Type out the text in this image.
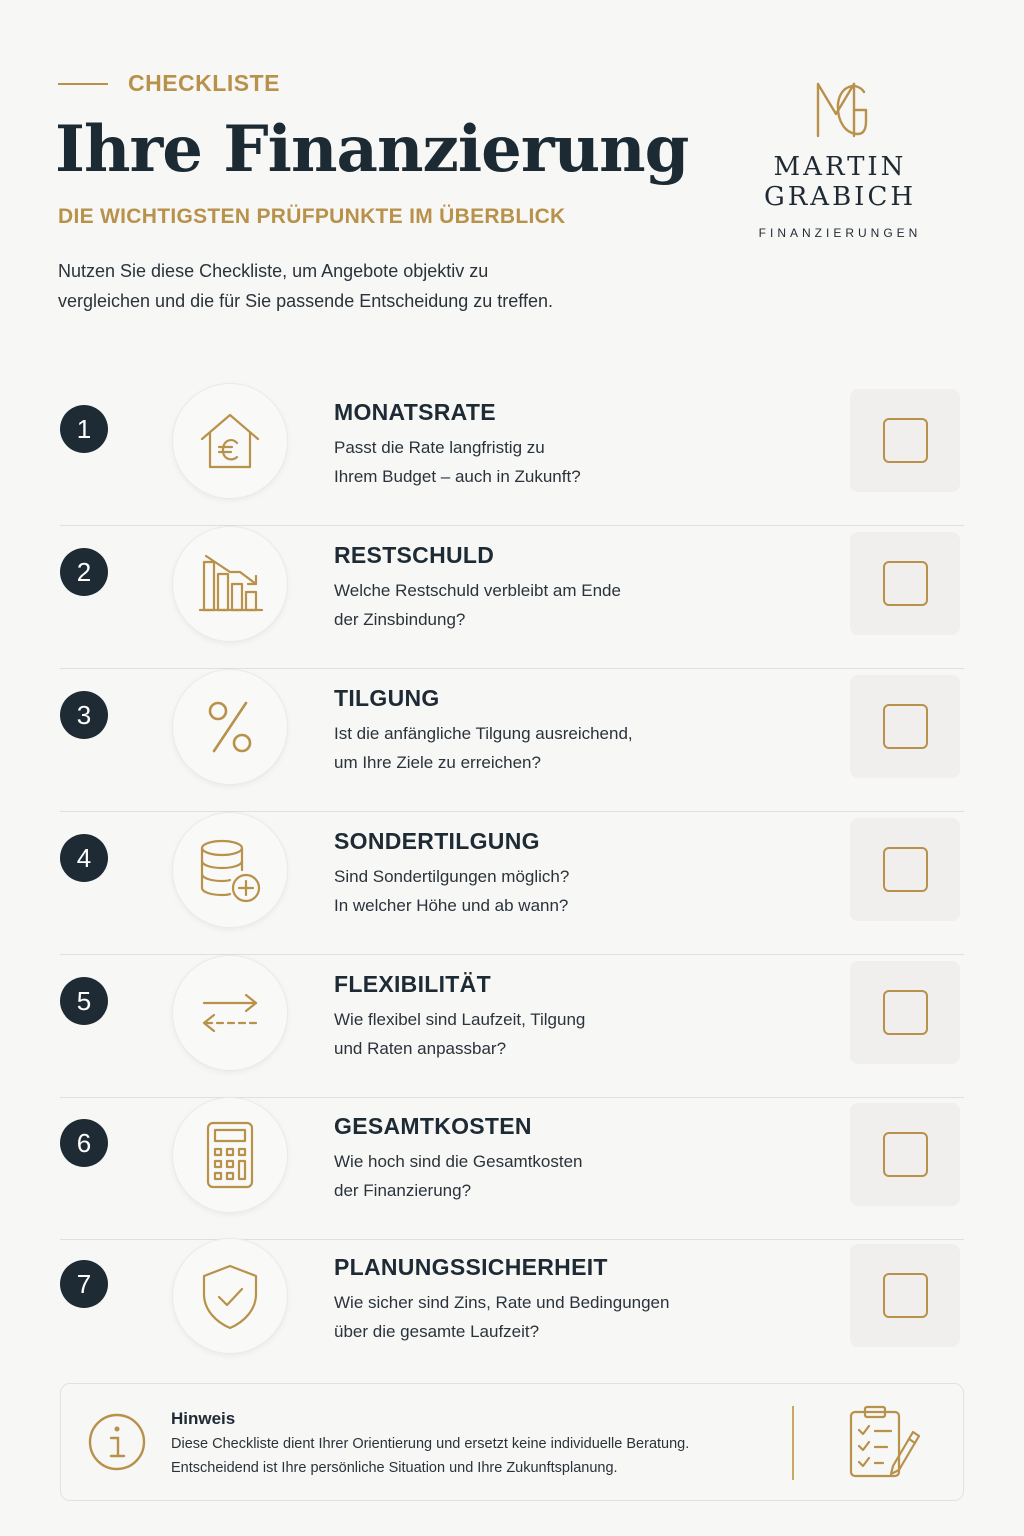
CHECKLISTE
Ihre Finanzierung
DIE WICHTIGSTEN PRÜFPUNKTE IM ÜBERBLICK
Nutzen Sie diese Checkliste, um Angebote objektiv zu vergleichen und die für Sie passende Entscheidung zu treffen.
MARTIN GRABICH
FINANZIERUNGEN
1
MONATSRATE
Passt die Rate langfristig zu
Ihrem Budget – auch in Zukunft?
2
RESTSCHULD
Welche Restschuld verbleibt am Ende
der Zinsbindung?
3
TILGUNG
Ist die anfängliche Tilgung ausreichend,
um Ihre Ziele zu erreichen?
4
SONDERTILGUNG
Sind Sondertilgungen möglich?
In welcher Höhe und ab wann?
5
FLEXIBILITÄT
Wie flexibel sind Laufzeit, Tilgung
und Raten anpassbar?
6
GESAMTKOSTEN
Wie hoch sind die Gesamtkosten
der Finanzierung?
7
PLANUNGSSICHERHEIT
Wie sicher sind Zins, Rate und Bedingungen
über die gesamte Laufzeit?
Hinweis
Diese Checkliste dient Ihrer Orientierung und ersetzt keine individuelle Beratung.
Entscheidend ist Ihre persönliche Situation und Ihre Zukunftsplanung.
